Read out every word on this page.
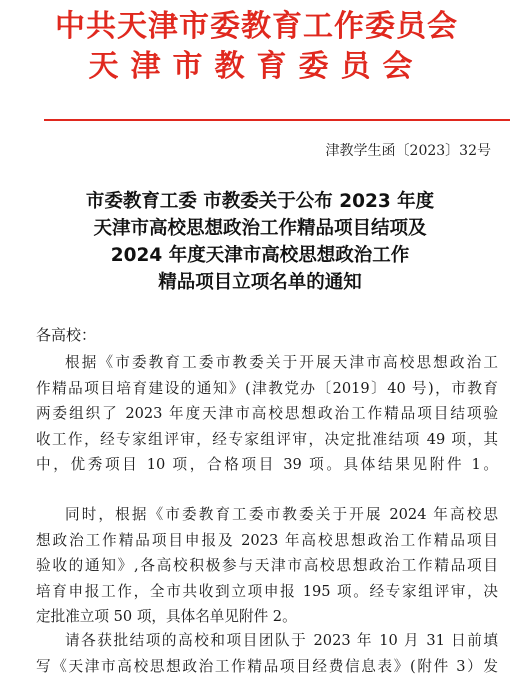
中共天津市委教育工作委员会
天津市教育委员会
津教学生函〔2023〕32号
市委教育工委 市教委关于公布 2023 年度
天津市高校思想政治工作精品项目结项及
2024 年度天津市高校思想政治工作
精品项目立项名单的通知
各高校：
根据《市委教育工委市教委关于开展天津市高校思想政治工
作精品项目培育建设的通知》(津教党办〔2019〕40 号)，市教育
两委组织了 2023 年度天津市高校思想政治工作精品项目结项验
收工作，经专家组评审，经专家组评审，决定批准结项 49 项，其
中，优秀项目 10 项，合格项目 39 项。具体结果见附件 1。
同时，根据《市委教育工委市教委关于开展 2024 年高校思
想政治工作精品项目申报及 2023 年高校思想政治工作精品项目
验收的通知》,各高校积极参与天津市高校思想政治工作精品项目
培育申报工作，全市共收到立项申报 195 项。经专家组评审，决
定批准立项 50 项，具体名单见附件 2。
请各获批结项的高校和项目团队于 2023 年 10 月 31 日前填
写《天津市高校思想政治工作精品项目经费信息表》(附件 3）发
